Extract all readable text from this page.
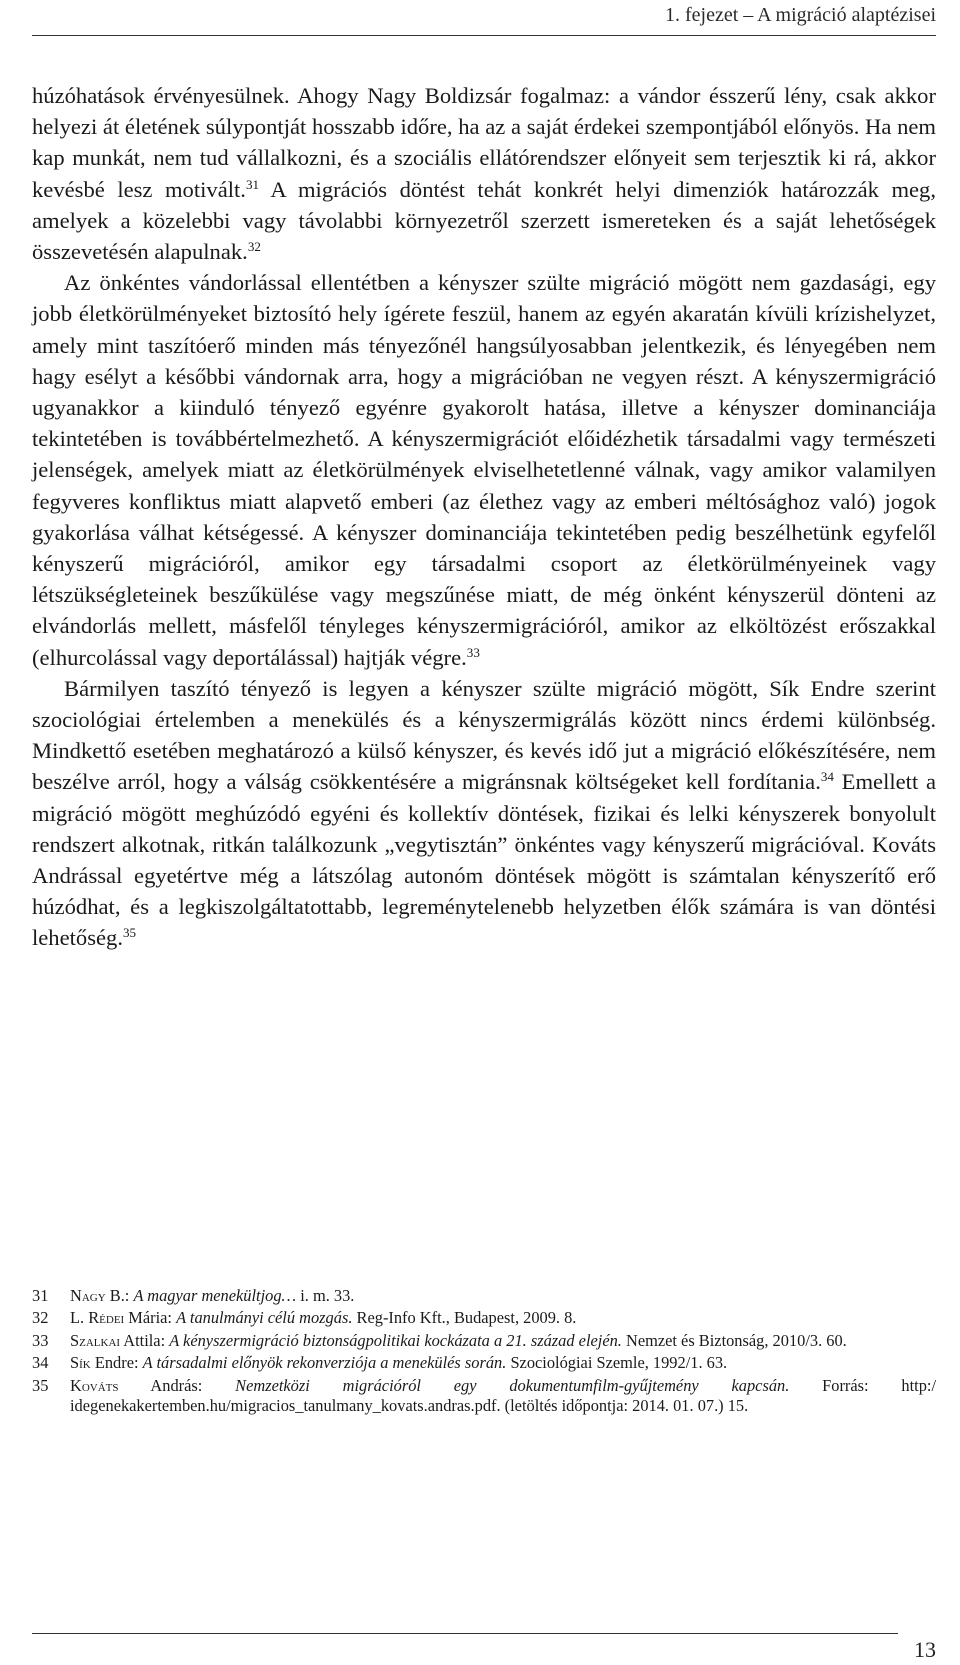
1. fejezet – A migráció alaptézisei

húzóhatások érvényesülnek. Ahogy Nagy Boldizsár fogalmaz: a vándor ésszerű lény, csak akkor helyezi át életének súlypontját hosszabb időre, ha az a saját érdekei szempontjából előnyös. Ha nem kap munkát, nem tud vállalkozni, és a szociális ellátórendszer előnyeit sem terjesztik ki rá, akkor kevésbé lesz motivált.$^{31}$ A migrációs döntést tehát konkrét helyi dimenziók határozzák meg, amelyek a közelebbi vagy távolabbi környezetről szerzett ismereteken és a saját lehetőségek összevetésén alapulnak.$^{32}$

Az önkéntes vándorlással ellentétben a kényszer szülte migráció mögött nem gazdasági, egy jobb életkörülményeket biztosító hely ígérete feszül, hanem az egyén akaratán kívüli krízishelyzet, amely mint taszítóerő minden más tényezőnél hangsúlyosabban jelentkezik, és lényegében nem hagy esélyt a későbbi vándornak arra, hogy a migrációban ne vegyen részt. A kényszermigráció ugyanakkor a kiinduló tényező egyénre gyakorolt hatása, illetve a kényszer dominanciája tekintetében is továbbértelmezhető. A kényszermigrációt előidézhetik társadalmi vagy természeti jelenségek, amelyek miatt az életkörülmények elviselhetetlenné válnak, vagy amikor valamilyen fegyveres konfliktus miatt alapvető emberi (az élethez vagy az emberi méltósághoz való) jogok gyakorlása válhat kétségessé. A kényszer dominanciája tekintetében pedig beszélhetünk egyfelől kényszerű migrációról, amikor egy társadalmi csoport az életkörülményeinek vagy létszükségleteinek beszűkülése vagy megszűnése miatt, de még önként kényszerül dönteni az elvándorlás mellett, másfelől tényleges kényszermigrációról, amikor az elköltözést erőszakkal (elhurcolással vagy deportálással) hajtják végre.$^{33}$

Bármilyen taszító tényező is legyen a kényszer szülte migráció mögött, Sík Endre szerint szociológiai értelemben a menekülés és a kényszermigrálás között nincs érdemi különbség. Mindkettő esetében meghatározó a külső kényszer, és kevés idő jut a migráció előkészítésére, nem beszélve arról, hogy a válság csökkentésére a migránsnak költségeket kell fordítania.$^{34}$ Emellett a migráció mögött meghúzódó egyéni és kollektív döntések, fizikai és lelki kényszerek bonyolult rendszert alkotnak, ritkán találkozunk „vegytisztán” önkéntes vagy kényszerű migrációval. Kováts Andrással egyetértve még a látszólag autonóm döntések mögött is számtalan kényszerítő erő húzódhat, és a legkiszolgáltatottabb, legreménytelenebb helyzetben élők számára is van döntési lehetőség.$^{35}$

31	Nagy B.: A magyar menekültjog… i. m. 33.
32	L. Rédei Mária: A tanulmányi célú mozgás. Reg-Info Kft., Budapest, 2009. 8.
33	Szalkai Attila: A kényszermigráció biztonságpolitikai kockázata a 21. század elején. Nemzet és Biztonság, 2010/3. 60.
34	Sík Endre: A társadalmi előnyök rekonverziója a menekülés során. Szociológiai Szemle, 1992/1. 63.
35	Kováts András: Nemzetközi migrációról egy dokumentumfilm-gyűjtemény kapcsán. Forrás: http:/ idegenekakertemben.hu/migracios_tanulmany_kovats.andras.pdf. (letöltés időpontja: 2014. 01. 07.) 15.
13
